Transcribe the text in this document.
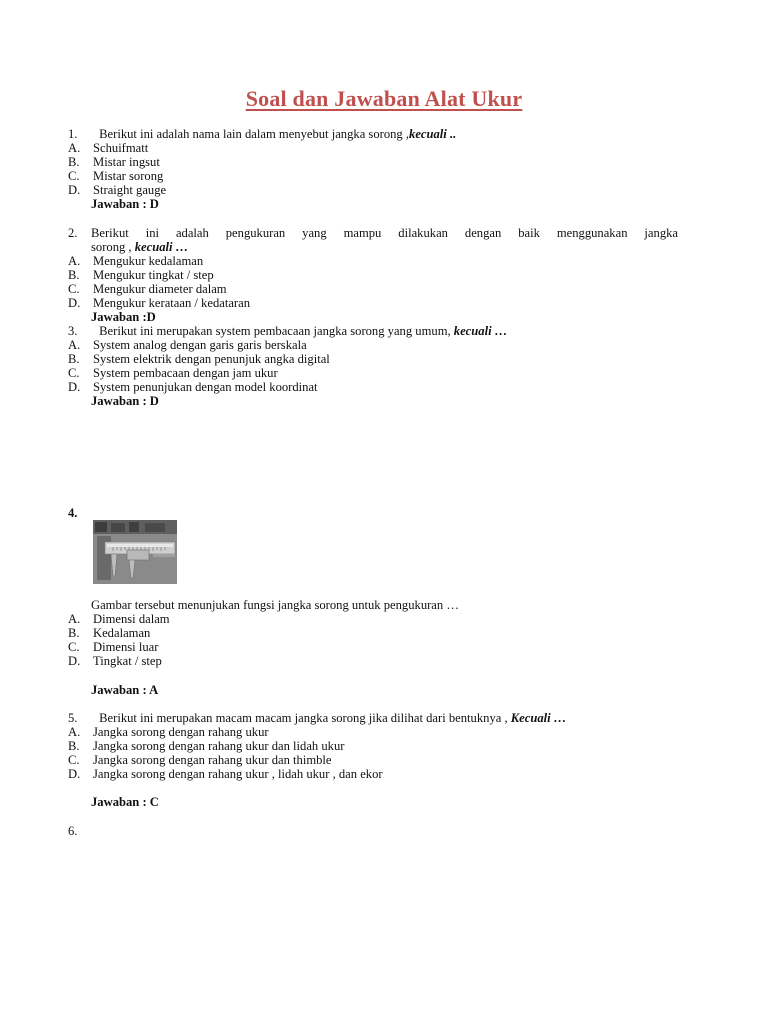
Soal dan Jawaban Alat Ukur
1. Berikut ini adalah nama lain dalam menyebut jangka sorong ,kecuali ..
A. Schuifmatt
B. Mistar ingsut
C. Mistar sorong
D. Straight gauge
Jawaban : D
2. Berikut ini adalah pengukuran yang mampu dilakukan dengan baik menggunakan jangka
sorong , kecuali …
A. Mengukur kedalaman
B. Mengukur tingkat / step
C. Mengukur diameter dalam
D. Mengukur kerataan / kedataran
Jawaban :D
3. Berikut ini merupakan system pembacaan jangka sorong yang umum, kecuali …
A. System analog dengan garis garis berskala
B. System elektrik dengan penunjuk angka digital
C. System pembacaan dengan jam ukur
D. System penunjukan dengan model koordinat
Jawaban : D
4.
Gambar tersebut menunjukan fungsi jangka sorong untuk pengukuran …
A. Dimensi dalam
B. Kedalaman
C. Dimensi luar
D. Tingkat / step
Jawaban : A
5. Berikut ini merupakan macam macam jangka sorong jika dilihat dari bentuknya , Kecuali …
A. Jangka sorong dengan rahang ukur
B. Jangka sorong dengan rahang ukur dan lidah ukur
C. Jangka sorong dengan rahang ukur dan thimble
D. Jangka sorong dengan rahang ukur , lidah ukur , dan ekor
Jawaban : C
6.
